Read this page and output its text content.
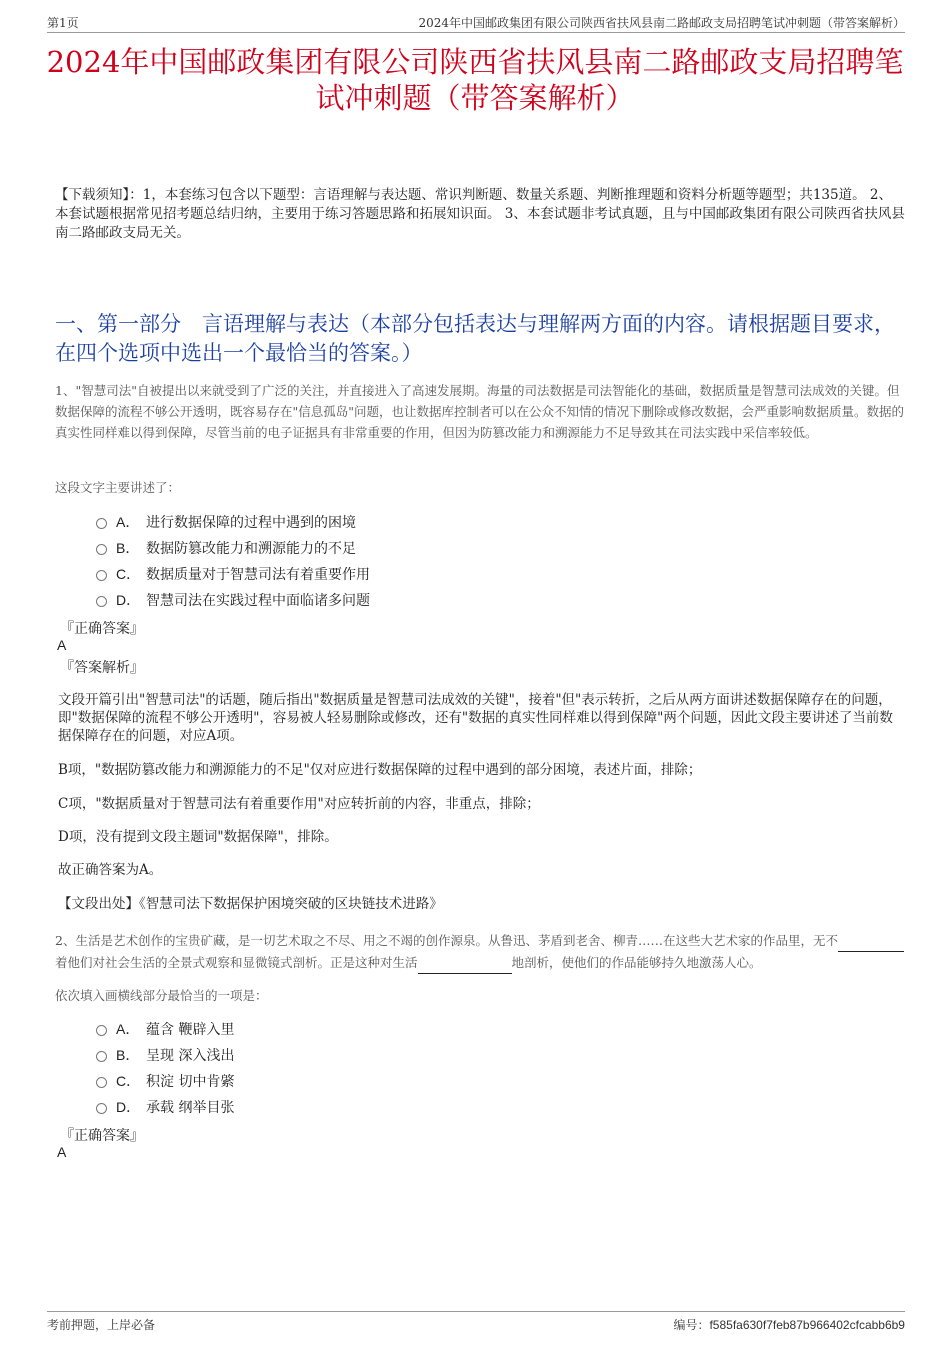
第1页	2024年中国邮政集团有限公司陕西省扶风县南二路邮政支局招聘笔试冲刺题（带答案解析）
2024年中国邮政集团有限公司陕西省扶风县南二路邮政支局招聘笔试冲刺题（带答案解析）
【下载须知】：1，本套练习包含以下题型：言语理解与表达题、常识判断题、数量关系题、判断推理题和资料分析题等题型；共135道。 2、本套试题根据常见招考题总结归纳，主要用于练习答题思路和拓展知识面。 3、本套试题非考试真题，且与中国邮政集团有限公司陕西省扶风县南二路邮政支局无关。
一、第一部分　言语理解与表达（本部分包括表达与理解两方面的内容。请根据题目要求，在四个选项中选出一个最恰当的答案。）
1、"智慧司法"自被提出以来就受到了广泛的关注，并直接进入了高速发展期。海量的司法数据是司法智能化的基础，数据质量是智慧司法成效的关键。但数据保障的流程不够公开透明，既容易存在"信息孤岛"问题，也让数据库控制者可以在公众不知情的情况下删除或修改数据，会严重影响数据质量。数据的真实性同样难以得到保障，尽管当前的电子证据具有非常重要的作用，但因为防篡改能力和溯源能力不足导致其在司法实践中采信率较低。
这段文字主要讲述了：
A． 进行数据保障的过程中遇到的困境
B． 数据防篡改能力和溯源能力的不足
C． 数据质量对于智慧司法有着重要作用
D． 智慧司法在实践过程中面临诸多问题
『正确答案』
A
『答案解析』
文段开篇引出"智慧司法"的话题，随后指出"数据质量是智慧司法成效的关键"，接着"但"表示转折，之后从两方面讲述数据保障存在的问题，即"数据保障的流程不够公开透明"，容易被人轻易删除或修改，还有"数据的真实性同样难以得到保障"两个问题，因此文段主要讲述了当前数据保障存在的问题，对应A项。
B项，"数据防篡改能力和溯源能力的不足"仅对应进行数据保障的过程中遇到的部分困境，表述片面，排除；
C项，"数据质量对于智慧司法有着重要作用"对应转折前的内容，非重点，排除；
D项，没有提到文段主题词"数据保障"，排除。
故正确答案为A。
【文段出处】《智慧司法下数据保护困境突破的区块链技术进路》
2、生活是艺术创作的宝贵矿藏，是一切艺术取之不尽、用之不竭的创作源泉。从鲁迅、茅盾到老舍、柳青……在这些大艺术家的作品里，无不 着他们对社会生活的全景式观察和显微镜式剖析。正是这种对生活	地剖析，使他们的作品能够持久地激荡人心。
依次填入画横线部分最恰当的一项是：
A． 蕴含 鞭辟入里
B． 呈现 深入浅出
C． 积淀 切中肯綮
D． 承载 纲举目张
『正确答案』
A
考前押题，上岸必备	编号：f585fa630f7feb87b966402cfcabb6b9
